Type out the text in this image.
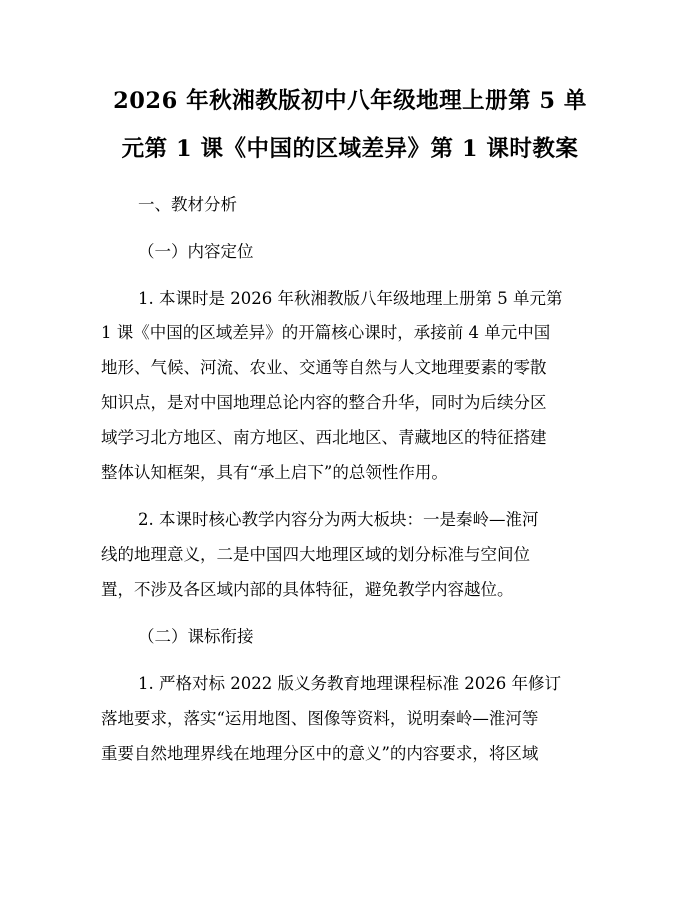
2026 年秋湘教版初中八年级地理上册第 5 单
元第 1 课《中国的区域差异》第 1 课时教案
一、教材分析
（一）内容定位
1. 本课时是 2026 年秋湘教版八年级地理上册第 5 单元第
1 课《中国的区域差异》的开篇核心课时，承接前 4 单元中国
地形、气候、河流、农业、交通等自然与人文地理要素的零散
知识点，是对中国地理总论内容的整合升华，同时为后续分区
域学习北方地区、南方地区、西北地区、青藏地区的特征搭建
整体认知框架，具有“承上启下”的总领性作用。
2. 本课时核心教学内容分为两大板块：一是秦岭—淮河
线的地理意义，二是中国四大地理区域的划分标准与空间位
置，不涉及各区域内部的具体特征，避免教学内容越位。
（二）课标衔接
1. 严格对标 2022 版义务教育地理课程标准 2026 年修订
落地要求，落实“运用地图、图像等资料，说明秦岭—淮河等
重要自然地理界线在地理分区中的意义”的内容要求，将区域
